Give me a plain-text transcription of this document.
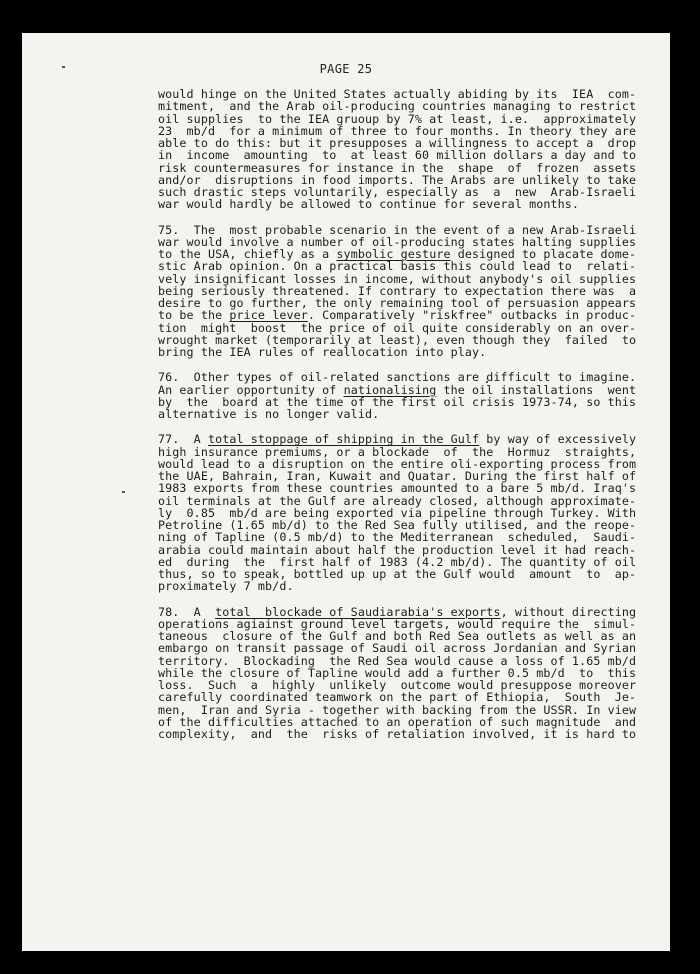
PAGE 25

would hinge on the United States actually abiding by its  IEA  com-
mitment,  and the Arab oil-producing countries managing to restrict
oil supplies  to the IEA gruoup by 7% at least, i.e.  approximately
23  mb/d  for a minimum of three to four months. In theory they are
able to do this: but it presupposes a willingness to accept a  drop
in  income  amounting  to  at least 60 million dollars a day and to
risk countermeasures for instance in the  shape  of  frozen  assets
and/or  disruptions in food imports. The Arabs are unlikely to take
such drastic steps voluntarily, especially as  a  new  Arab-Israeli
war would hardly be allowed to continue for several months.

75.  The  most probable scenario in the event of a new Arab-Israeli
war would involve a number of oil-producing states halting supplies
to the USA, chiefly as a symbolic gesture designed to placate dome-
stic Arab opinion. On a practical basis this could lead to  relati-
vely insignificant losses in income, without anybody's oil supplies
being seriously threatened. If contrary to expectation there was  a
desire to go further, the only remaining tool of persuasion appears
to be the price lever. Comparatively "riskfree" outbacks in produc-
tion  might  boost  the price of oil quite considerably on an over-
wrought market (temporarily at least), even though they  failed  to
bring the IEA rules of reallocation into play.

76.  Other types of oil-related sanctions are difficult to imagine.
An earlier opportunity of nationalising the oil installations  went
by  the  board at the time of the first oil crisis 1973-74, so this
alternative is no longer valid.

77.  A total stoppage of shipping in the Gulf by way of excessively
high insurance premiums, or a blockade  of  the  Hormuz  straights,
would lead to a disruption on the entire oli-exporting process from
the UAE, Bahrain, Iran, Kuwait and Quatar. During the first half of
1983 exports from these countries amounted to a bare 5 mb/d. Iraq's
oil terminals at the Gulf are already closed, although approximate-
ly  0.85  mb/d are being exported via pipeline through Turkey. With
Petroline (1.65 mb/d) to the Red Sea fully utilised, and the reope-
ning of Tapline (0.5 mb/d) to the Mediterranean  scheduled,  Saudi-
arabia could maintain about half the production level it had reach-
ed  during  the  first half of 1983 (4.2 mb/d). The quantity of oil
thus, so to speak, bottled up up at the Gulf would  amount  to  ap-
proximately 7 mb/d.

78.  A  total  blockade of Saudiarabia's exports, without directing
operations agiainst ground level targets, would require the  simul-
taneous  closure of the Gulf and both Red Sea outlets as well as an
embargo on transit passage of Saudi oil across Jordanian and Syrian
territory.  Blockading  the Red Sea would cause a loss of 1.65 mb/d
while the closure of Tapline would add a further 0.5 mb/d  to  this
loss.  Such  a  highly  unlikely  outcome would presuppose moreover
carefully coordinated teamwork on the part of Ethiopia,  South  Je-
men,  Iran and Syria - together with backing from the USSR. In view
of the difficulties attached to an operation of such magnitude  and
complexity,  and  the  risks of retaliation involved, it is hard to
